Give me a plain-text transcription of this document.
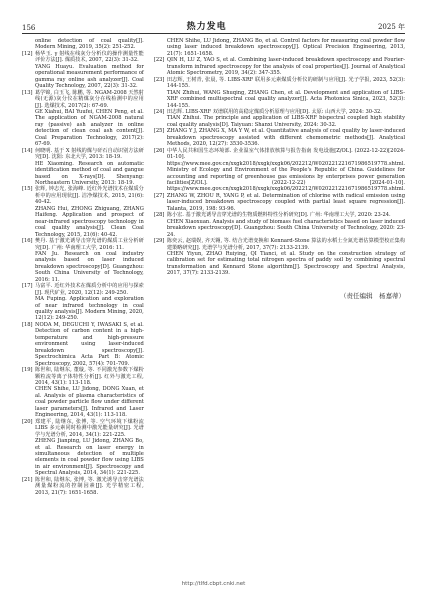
156	热力发电	2025 年
online detection of coal quality[J]. Modern Mining, 2019, 35(2): 251-252.
[12] 杨华玉. γ 射线在线灰分分析仪的操作测量性能评价方法[J]. 煤质技术, 2007, 22(3): 31-32.
YANG Huayu. Evaluation method for operational measurement performance of gamma ray online ash analyzer[J]. Coal Quality Technology, 2007, 22(3): 31-32.
[13] 葛学锦, 白玉飞, 陈鹏, 等. NGAM-2008 天然射线(无源)灰分仪在精煤灰分在线检测中的应用[J]. 选煤技术, 2017(2): 67-69.
GE Xiahui, BAI Yuufei, CHEN Peng, et al. The application of NGAM-2008 natural ray (passive) ash analyzer in online detection of clean coal ash content[J]. Coal Preparation Technology, 2017(2): 67-69.
[14] 何晓明. 基于 X 射线的煤与矸石自动识别方法研究[D]. 沈阳: 东北大学, 2013: 18-19.
HE Xiaoming. Research on automatic identification method of coal and gangue based on X-rays[D]. Shenyang: Northeastern University, 2013: 18-19.
[15] 张辉, 钟志光, 张海峰. 近红外光谱技术在煤质分析中的应用现状[J]. 洁净煤技术, 2015, 21(6): 40-42.
ZHANG Hui, ZHONG Zhiguang, ZHANG Haifeng. Application and prospect of near-infrared spectroscopy technology in coal quality analysis[J]. Clean Coal Technology, 2015, 21(6): 40-42.
[16] 樊丹. 基于激光诱导击穿光谱的煤质工业分析研究[D]. 广州: 华南理工大学, 2016: 11.
FAN Ju. Research on coal industry analysis based on laser induced breakdown spectroscopy[D]. Guangzhou: South China University of Technology, 2016: 11.
[17] 马富平. 近红外技术在煤质分析中的应用与探索[J]. 现代矿业, 2020, 12(12): 249-250.
MA Fuping. Application and exploration of near infrared technology in coal quality analysis[J]. Modern Mining, 2020, 12(12): 249-250.
[18] NODA M, DEGUCHI Y, IWASAKI S, et al. Detection of carbon content in a high-temperature and high-pressure environment using laser-induced breakdown spectroscopy[J]. Spectrochimica Acta Part B: Atomic Spectroscopy, 2002, 57(4): 701-709.
[19] 陈世和, 陆继东, 董璇, 等. 不同激光参数下煤粉颗粒流等离子体特性分析[J]. 红外与激光工程, 2014, 43(1): 113-118.
CHEN Shihe, LU Jidong, DONG Xuan, et al. Analysis of plasma characteristics of coal powder particle flow under different laser parameters[J]. Infrared and Laser Engineering, 2014, 43(1): 113-118.
[20] 郑建平, 陆继东, 张博, 等. 空气环境下煤粉流 LIBS 多元素同时检测中激光能量研究[J]. 光谱学与光谱分析, 2014, 34(1): 221-225.
ZHENG Jianping, LU Jidong, ZHANG Bo, et al. Research on laser energy in simultaneous detection of multiple elements in coal powder flow using LIBS in air environment[J]. Spectroscopy and Spectral Analysis, 2014, 34(1): 221-225.
[21] 陈世和, 陆继东, 张博, 等. 激光诱导击穿光谱法测量煤粉流的控制因素[J]. 光学精密工程, 2013, 21(7): 1651-1658.
CHEN Shihe, LU Jidong, ZHANG Bo, et al. Control factors for measuring coal powder flow using laser induced breakdown spectroscopy[J]. Optical Precision Engineering, 2013, 21(7): 1651-1658.
[22] QIN H, LU Z, YAO S, et al. Combining laser-induced breakdown spectroscopy and Fourier-transform infrared spectroscopy for the analysis of coal properties[J]. Journal of Analytical Atomic Spectrometry, 2019, 34(2): 347-355.
[23] 田志辉, 王树青, 张晨, 等. LIBS-XRF 联用多元素煤质分析仪的研制与应用[J]. 光子学报, 2023, 52(3): 144-155.
TIAN Zhihui, WANG Shuqing, ZHANG Chen, et al. Development and application of LIBS-XRF combined multispectral coal quality analyzer[J]. Acta Photonica Sinica, 2023, 52(3): 144-155.
[24] 田志辉. LIBS-XRF 双谱联用的高稳定煤质分析原理与应用[D]. 太原: 山西大学, 2024: 30-32.
TIAN Zhihui. The principle and application of LIBS-XRF bispectral coupled high stability coal quality analysis[D]. Taiyuan: Shanxi University, 2024: 30-32.
[25] ZHANG Y J, ZHANG X, MA Y W, et al. Quantitative analysis of coal quality by laser-induced breakdown spectroscopy assisted with different chemometric methods[J]. Analytical Methods, 2020, 12(27): 3530-3536.
[26] 中华人民共和国生态环境部. 企业温室气体排放核算与报告指南 发电设施[Z/OL]. (2022-12-22)[2024-01-10]. https://www.mee.gov.cn/xxgk2018/xxgk/xxgk06/202212/W020221221671986519778.shtml.
Ministry of Ecology and Environment of the People's Republic of China. Guidelines for accounting and reporting of greenhouse gas emissions by enterprises power generation facilities[Z/OL]. (2022-12-22) [2024-01-10]. https://www.mee.gov.cn/xxgk2018/xxgk/xxgk06/202212/W020221221671986519778.shtml.
[27] ZHANG W, ZHOU R, YANG P, et al. Determination of chlorine with radical emission using laser-induced breakdown spectroscopy coupled with partial least square regression[J]. Talanta, 2019, 198: 93-96.
[28] 陈小宏. 基于激光诱导击穿光谱的生物质燃料特性分析研究[D]. 广州: 华南理工大学, 2020: 23-24.
CHEN Xiaoxuan. Analysis and study of biomass fuel characteristics based on laser induced breakdown spectroscopy[D]. Guangzhou: South China University of Technology, 2020: 23-24.
[29] 陈奕云, 赵瑞娱, 齐天翱, 等. 结合光谱变换和 Kennard-Stone 算法的水稻土全氮光谱估算模型校正集构建策略研究[J]. 光谱学与光谱分析, 2017, 37(7): 2133-2139.
CHEN Yiyun, ZHAO Ruiying, QI Tianci, et al. Study on the construction strategy of calibration set for estimating total nitrogen spectra of paddy soil by combining spectral transformation and Kennard Stone algorithm[J]. Spectroscopy and Spectral Analysis, 2017, 37(7): 2133-2139.
（责任编辑　杨嘉蒂）
http://tlfd.cbpt.cnki.net
